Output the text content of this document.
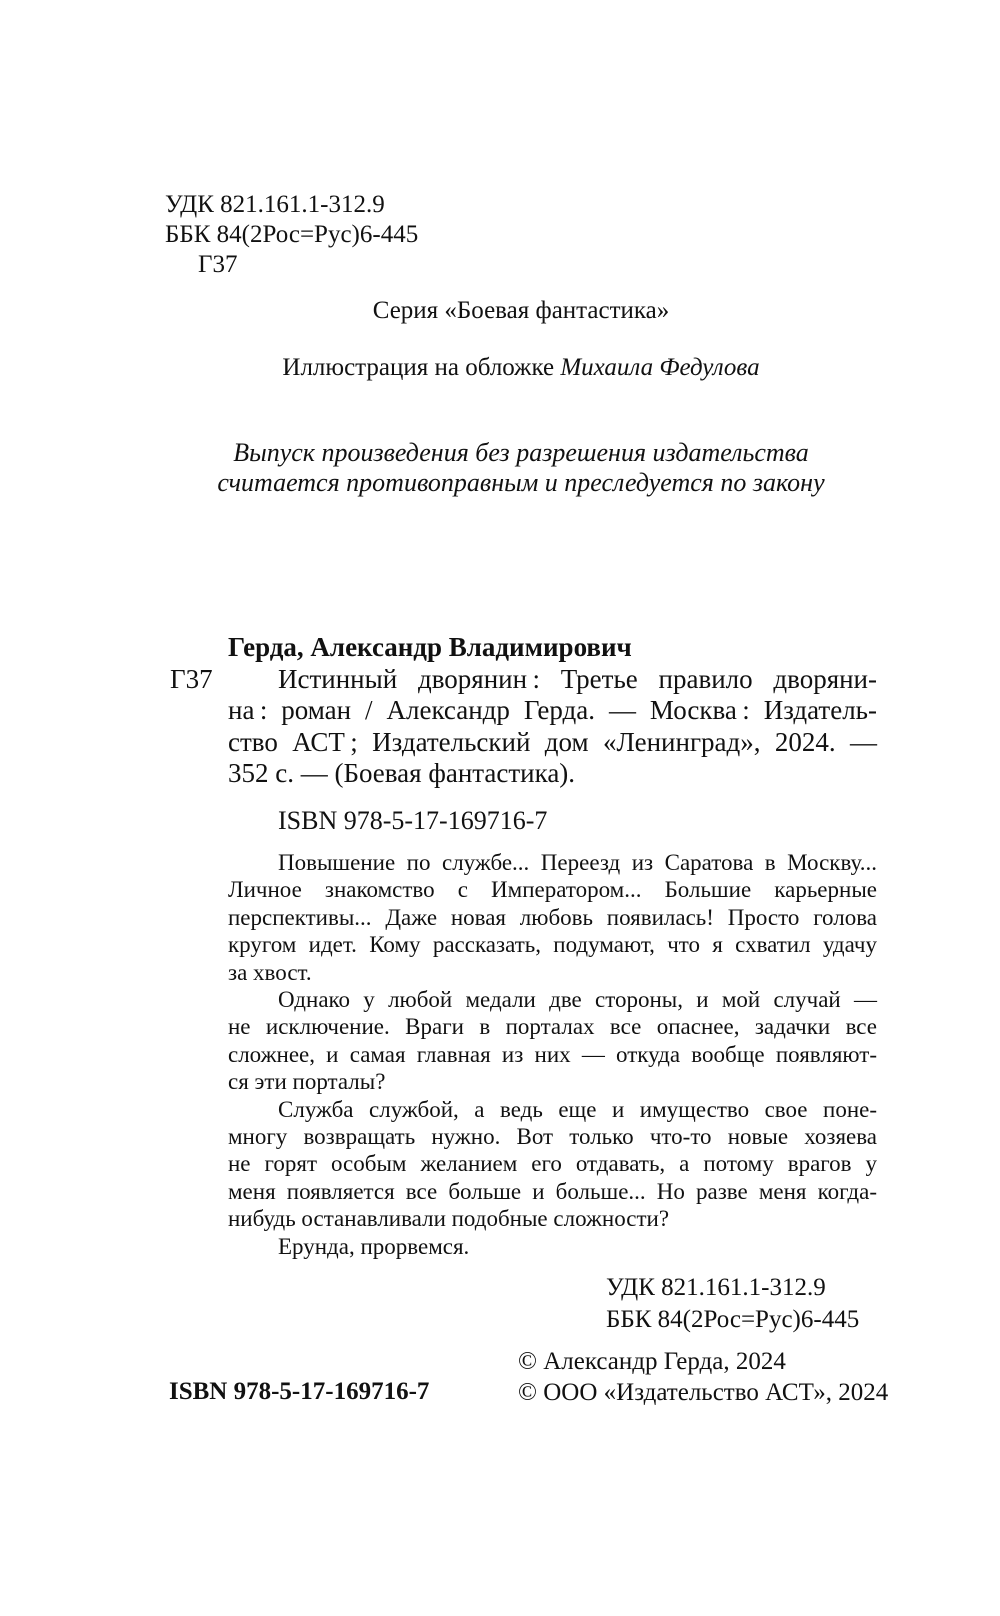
УДК 821.161.1-312.9
ББК 84(2Рос=Рус)6-445
Г37
Серия «Боевая фантастика»
Иллюстрация на обложке Михаила Федулова
Выпуск произведения без разрешения издательства
считается противоправным и преследуется по закону
Герда, Александр Владимирович
Г37	Истинный дворянин : Третье правило дворяни-
на : роман / Александр Герда. — Москва : Издатель-
ство АСТ ; Издательский дом «Ленинград», 2024. —
352 с. — (Боевая фантастика).
ISBN 978-5-17-169716-7
Повышение по службе... Переезд из Саратова в Москву...
Личное знакомство с Императором... Большие карьерные
перспективы... Даже новая любовь появилась! Просто голова
кругом идет. Кому рассказать, подумают, что я схватил удачу
за хвост.
Однако у любой медали две стороны, и мой случай —
не исключение. Враги в порталах все опаснее, задачки все
сложнее, и самая главная из них — откуда вообще появляют-
ся эти порталы?
Служба службой, а ведь еще и имущество свое поне-
многу возвращать нужно. Вот только что-то новые хозяева
не горят особым желанием его отдавать, а потому врагов у
меня появляется все больше и больше... Но разве меня когда-
нибудь останавливали подобные сложности?
Ерунда, прорвемся.
УДК 821.161.1-312.9
ББК 84(2Рос=Рус)6-445
© Александр Герда, 2024
© ООО «Издательство АСТ», 2024
ISBN 978-5-17-169716-7
